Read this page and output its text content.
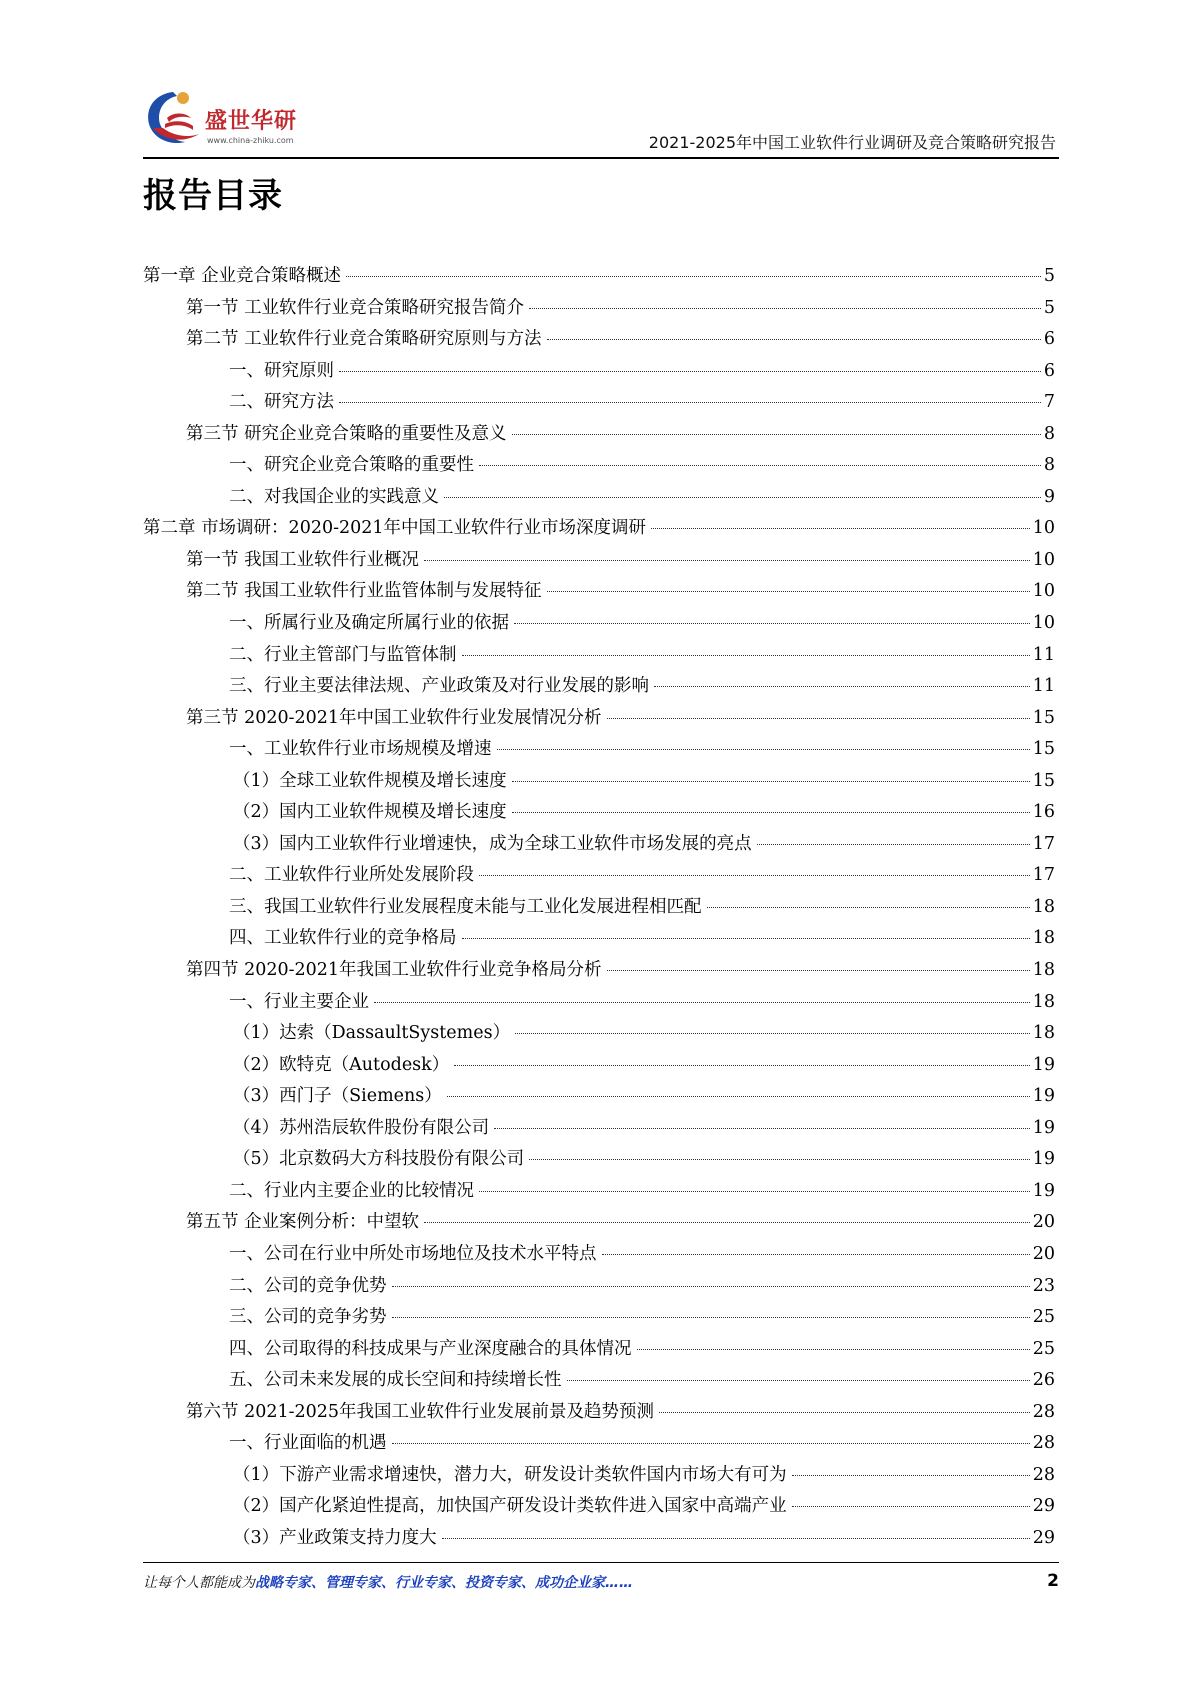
盛世华研
www.china-zhiku.com	2021-2025年中国工业软件行业调研及竞合策略研究报告
报告目录
第一章 企业竞合策略概述	5
第一节 工业软件行业竞合策略研究报告简介	5
第二节 工业软件行业竞合策略研究原则与方法	6
一、研究原则	6
二、研究方法	7
第三节 研究企业竞合策略的重要性及意义	8
一、研究企业竞合策略的重要性	8
二、对我国企业的实践意义	9
第二章 市场调研：2020-2021年中国工业软件行业市场深度调研	10
第一节 我国工业软件行业概况	10
第二节 我国工业软件行业监管体制与发展特征	10
一、所属行业及确定所属行业的依据	10
二、行业主管部门与监管体制	11
三、行业主要法律法规、产业政策及对行业发展的影响	11
第三节 2020-2021年中国工业软件行业发展情况分析	15
一、工业软件行业市场规模及增速	15
（1）全球工业软件规模及增长速度	15
（2）国内工业软件规模及增长速度	16
（3）国内工业软件行业增速快，成为全球工业软件市场发展的亮点	17
二、工业软件行业所处发展阶段	17
三、我国工业软件行业发展程度未能与工业化发展进程相匹配	18
四、工业软件行业的竞争格局	18
第四节 2020-2021年我国工业软件行业竞争格局分析	18
一、行业主要企业	18
（1）达索（DassaultSystemes）	18
（2）欧特克（Autodesk）	19
（3）西门子（Siemens）	19
（4）苏州浩辰软件股份有限公司	19
（5）北京数码大方科技股份有限公司	19
二、行业内主要企业的比较情况	19
第五节 企业案例分析：中望软	20
一、公司在行业中所处市场地位及技术水平特点	20
二、公司的竞争优势	23
三、公司的竞争劣势	25
四、公司取得的科技成果与产业深度融合的具体情况	25
五、公司未来发展的成长空间和持续增长性	26
第六节 2021-2025年我国工业软件行业发展前景及趋势预测	28
一、行业面临的机遇	28
（1）下游产业需求增速快，潜力大，研发设计类软件国内市场大有可为	28
（2）国产化紧迫性提高，加快国产研发设计类软件进入国家中高端产业	29
（3）产业政策支持力度大	29
让每个人都能成为战略专家、管理专家、行业专家、投资专家、成功企业家……	2
